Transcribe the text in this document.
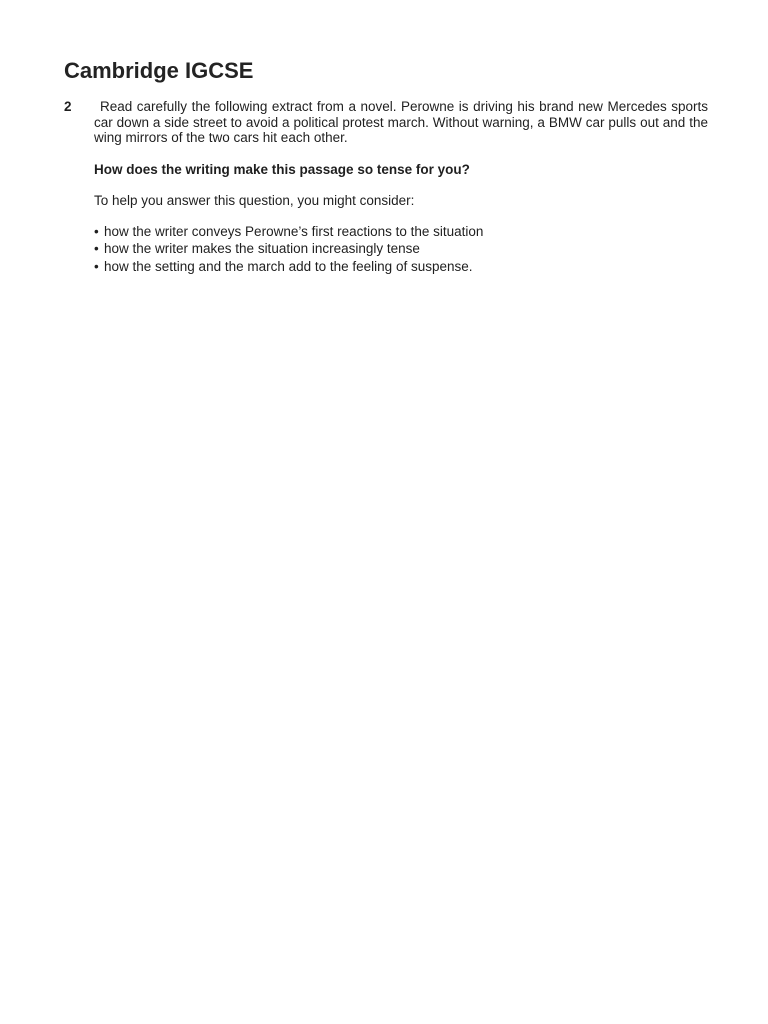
Cambridge IGCSE
2	Read carefully the following extract from a novel. Perowne is driving his brand new Mercedes sports car down a side street to avoid a political protest march. Without warning, a BMW car pulls out and the wing mirrors of the two cars hit each other.

How does the writing make this passage so tense for you?

To help you answer this question, you might consider:

• how the writer conveys Perowne’s first reactions to the situation
• how the writer makes the situation increasingly tense
• how the setting and the march add to the feeling of suspense.
